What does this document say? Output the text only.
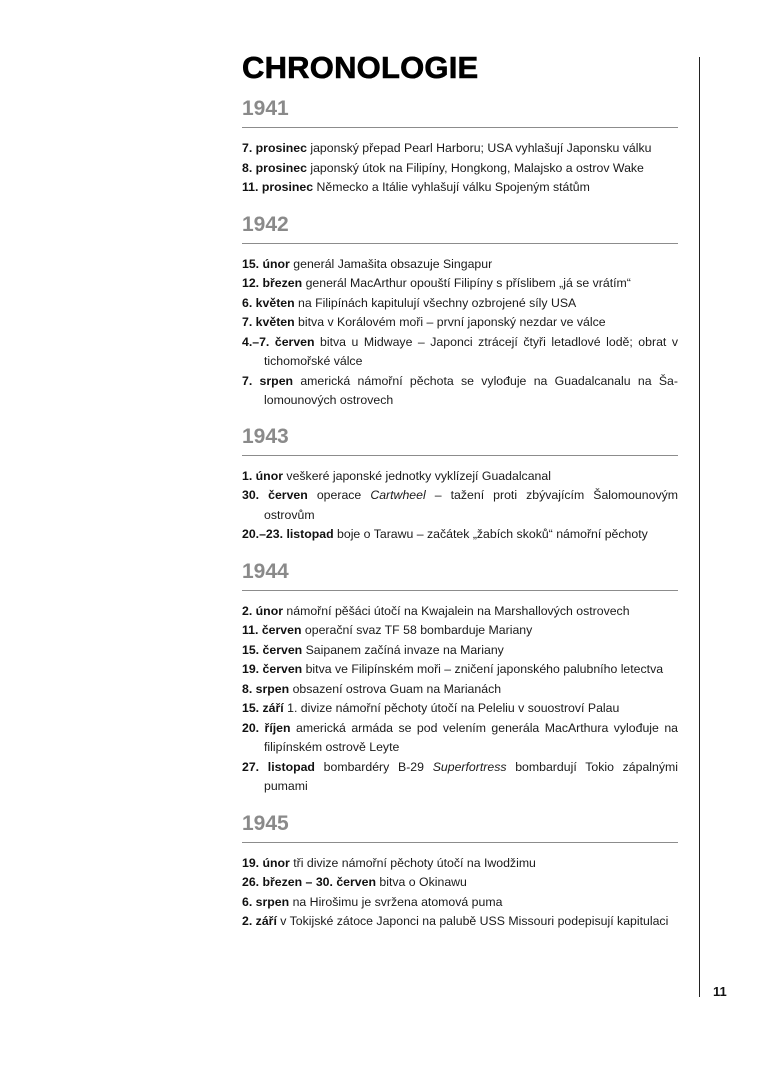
CHRONOLOGIE
1941
7. prosinec japonský přepad Pearl Harboru; USA vyhlašují Japonsku válku
8. prosinec japonský útok na Filipíny, Hongkong, Malajsko a ostrov Wake
11. prosinec Německo a Itálie vyhlašují válku Spojeným státům
1942
15. únor generál Jamašita obsazuje Singapur
12. březen generál MacArthur opouští Filipíny s příslibem „já se vrátím“
6. květen na Filipínách kapitulují všechny ozbrojené síly USA
7. květen bitva v Korálovém moři – první japonský nezdar ve válce
4.–7. červen bitva u Midwaye – Japonci ztrácejí čtyři letadlové lodě; obrat v tichomořské válce
7. srpen americká námořní pěchota se vylođuje na Guadalcanalu na Šalomounových ostrovech
1943
1. únor veškeré japonské jednotky vyklízejí Guadalcanal
30. červen operace Cartwheel – tažení proti zbývajícím Šalomounovým ostrovům
20.–23. listopad boje o Tarawu – začátek „žabích skoků“ námořní pěchoty
1944
2. únor námořní pěšáci útočí na Kwajalein na Marshallových ostrovech
11. červen operační svaz TF 58 bombarduje Mariany
15. červen Saipanem začíná invaze na Mariany
19. červen bitva ve Filipínském moři – zničení japonského palubního letectva
8. srpen obsazení ostrova Guam na Marianách
15. září 1. divize námořní pěchoty útočí na Peleliu v souostroví Palau
20. říjen americká armáda se pod velením generála MacArthura vylođuje na filipínském ostrově Leyte
27. listopad bombardéry B-29 Superfortress bombardují Tokio zápalnými pumami
1945
19. únor tři divize námořní pěchoty útočí na Iwodžimu
26. březen – 30. červen bitva o Okinawu
6. srpen na Hirošimu je svržena atomová puma
2. září v Tokijské zátoce Japonci na palubě USS Missouri podepisují kapitulaci
11
